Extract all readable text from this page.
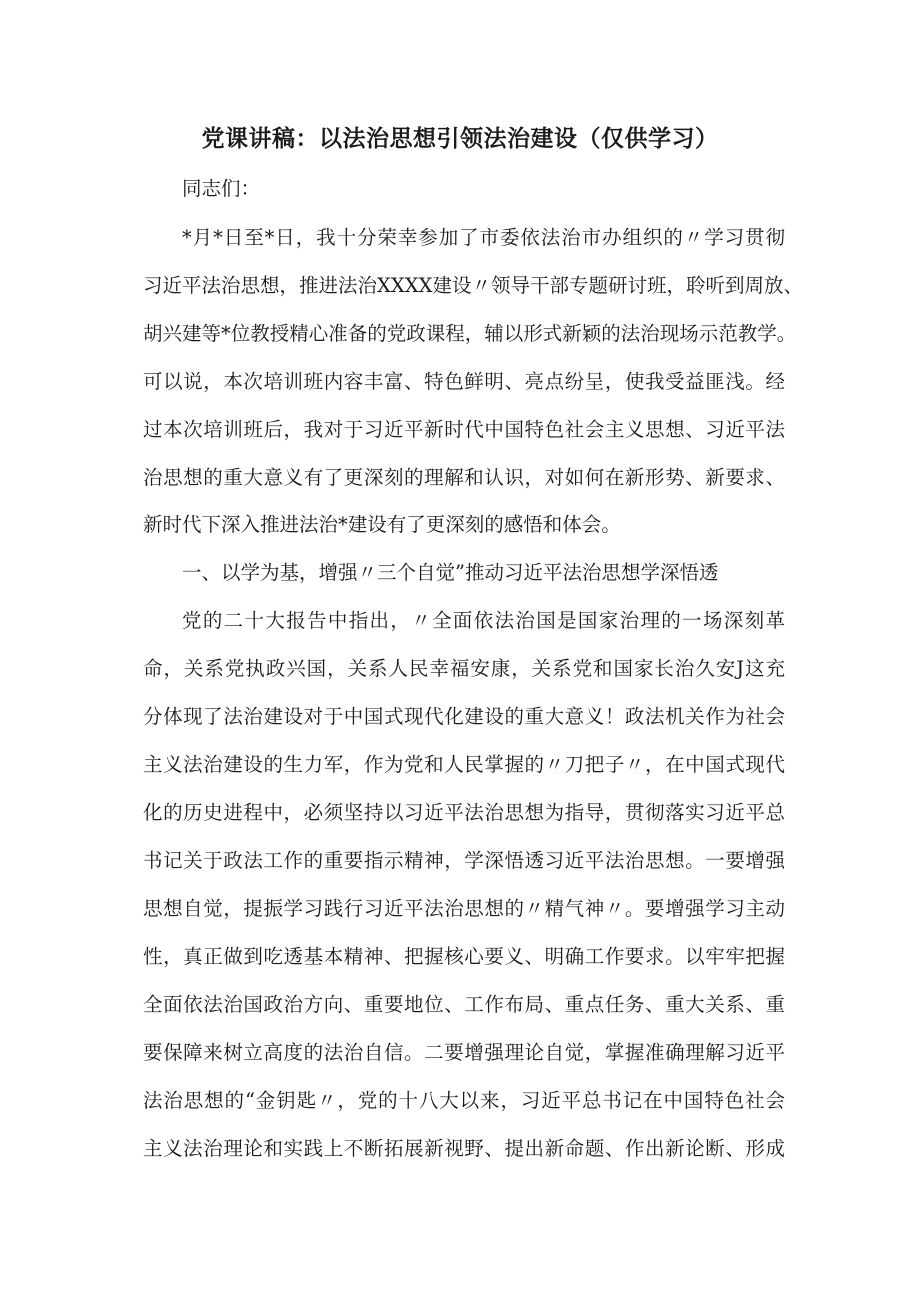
党课讲稿：以法治思想引领法治建设（仅供学习）
同志们：
*月*日至*日，我十分荣幸参加了市委依法治市办组织的〃学习贯彻
习近平法治思想，推进法治XXXX建设〃领导干部专题研讨班，聆听到周放、
胡兴建等*位教授精心准备的党政课程，辅以形式新颖的法治现场示范教学。
可以说，本次培训班内容丰富、特色鲜明、亮点纷呈，使我受益匪浅。经
过本次培训班后，我对于习近平新时代中国特色社会主义思想、习近平法
治思想的重大意义有了更深刻的理解和认识，对如何在新形势、新要求、
新时代下深入推进法治*建设有了更深刻的感悟和体会。
一、以学为基，增强〃三个自觉”推动习近平法治思想学深悟透
党的二十大报告中指出，〃全面依法治国是国家治理的一场深刻革
命，关系党执政兴国，关系人民幸福安康，关系党和国家长治久安J这充
分体现了法治建设对于中国式现代化建设的重大意义！政法机关作为社会
主义法治建设的生力军，作为党和人民掌握的〃刀把子〃，在中国式现代
化的历史进程中，必须坚持以习近平法治思想为指导，贯彻落实习近平总
书记关于政法工作的重要指示精神，学深悟透习近平法治思想。一要增强
思想自觉，提振学习践行习近平法治思想的〃精气神〃。要增强学习主动
性，真正做到吃透基本精神、把握核心要义、明确工作要求。以牢牢把握
全面依法治国政治方向、重要地位、工作布局、重点任务、重大关系、重
要保障来树立高度的法治自信。二要增强理论自觉，掌握准确理解习近平
法治思想的“金钥匙〃，党的十八大以来，习近平总书记在中国特色社会
主义法治理论和实践上不断拓展新视野、提出新命题、作出新论断、形成
